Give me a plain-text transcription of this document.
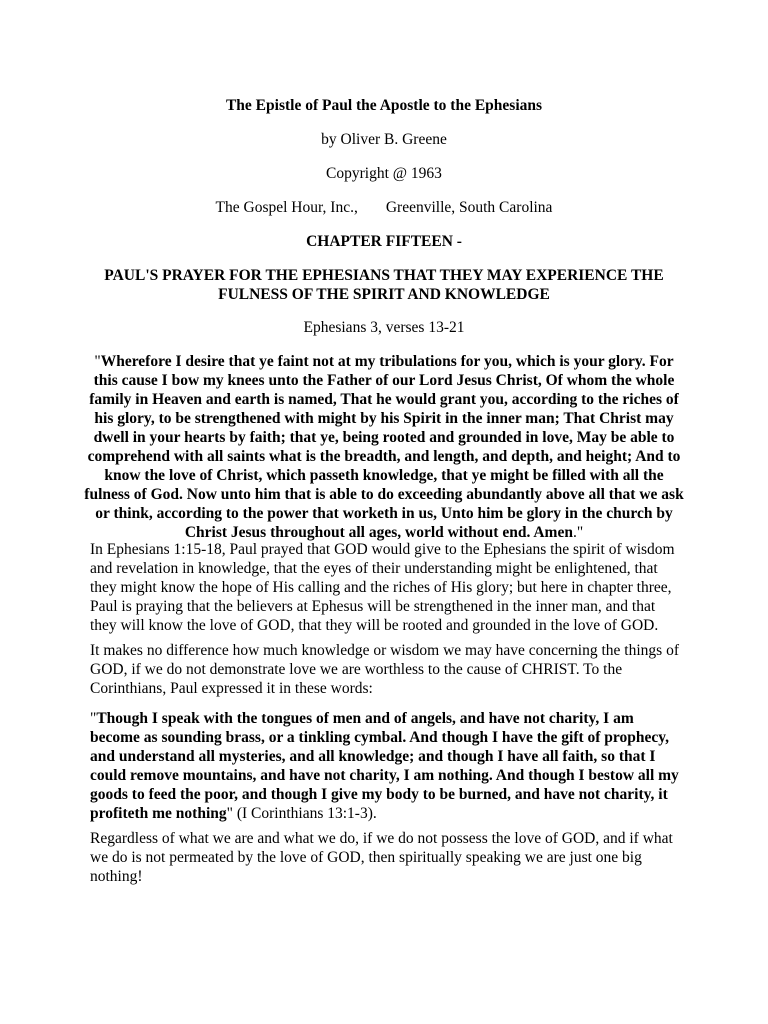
The Epistle of Paul the Apostle to the Ephesians
by Oliver B. Greene
Copyright @ 1963
The Gospel Hour, Inc., Greenville, South Carolina
CHAPTER FIFTEEN -
PAUL'S PRAYER FOR THE EPHESIANS THAT THEY MAY EXPERIENCE THE FULNESS OF THE SPIRIT AND KNOWLEDGE
Ephesians 3, verses 13-21
"Wherefore I desire that ye faint not at my tribulations for you, which is your glory. For this cause I bow my knees unto the Father of our Lord Jesus Christ, Of whom the whole family in Heaven and earth is named, That he would grant you, according to the riches of his glory, to be strengthened with might by his Spirit in the inner man; That Christ may dwell in your hearts by faith; that ye, being rooted and grounded in love, May be able to comprehend with all saints what is the breadth, and length, and depth, and height; And to know the love of Christ, which passeth knowledge, that ye might be filled with all the fulness of God. Now unto him that is able to do exceeding abundantly above all that we ask or think, according to the power that worketh in us, Unto him be glory in the church by Christ Jesus throughout all ages, world without end. Amen."
In Ephesians 1:15-18, Paul prayed that GOD would give to the Ephesians the spirit of wisdom and revelation in knowledge, that the eyes of their understanding might be enlightened, that they might know the hope of His calling and the riches of His glory; but here in chapter three, Paul is praying that the believers at Ephesus will be strengthened in the inner man, and that they will know the love of GOD, that they will be rooted and grounded in the love of GOD.
It makes no difference how much knowledge or wisdom we may have concerning the things of GOD, if we do not demonstrate love we are worthless to the cause of CHRIST. To the Corinthians, Paul expressed it in these words:
"Though I speak with the tongues of men and of angels, and have not charity, I am become as sounding brass, or a tinkling cymbal. And though I have the gift of prophecy, and understand all mysteries, and all knowledge; and though I have all faith, so that I could remove mountains, and have not charity, I am nothing. And though I bestow all my goods to feed the poor, and though I give my body to be burned, and have not charity, it profiteth me nothing" (I Corinthians 13:1-3).
Regardless of what we are and what we do, if we do not possess the love of GOD, and if what we do is not permeated by the love of GOD, then spiritually speaking we are just one big nothing!
